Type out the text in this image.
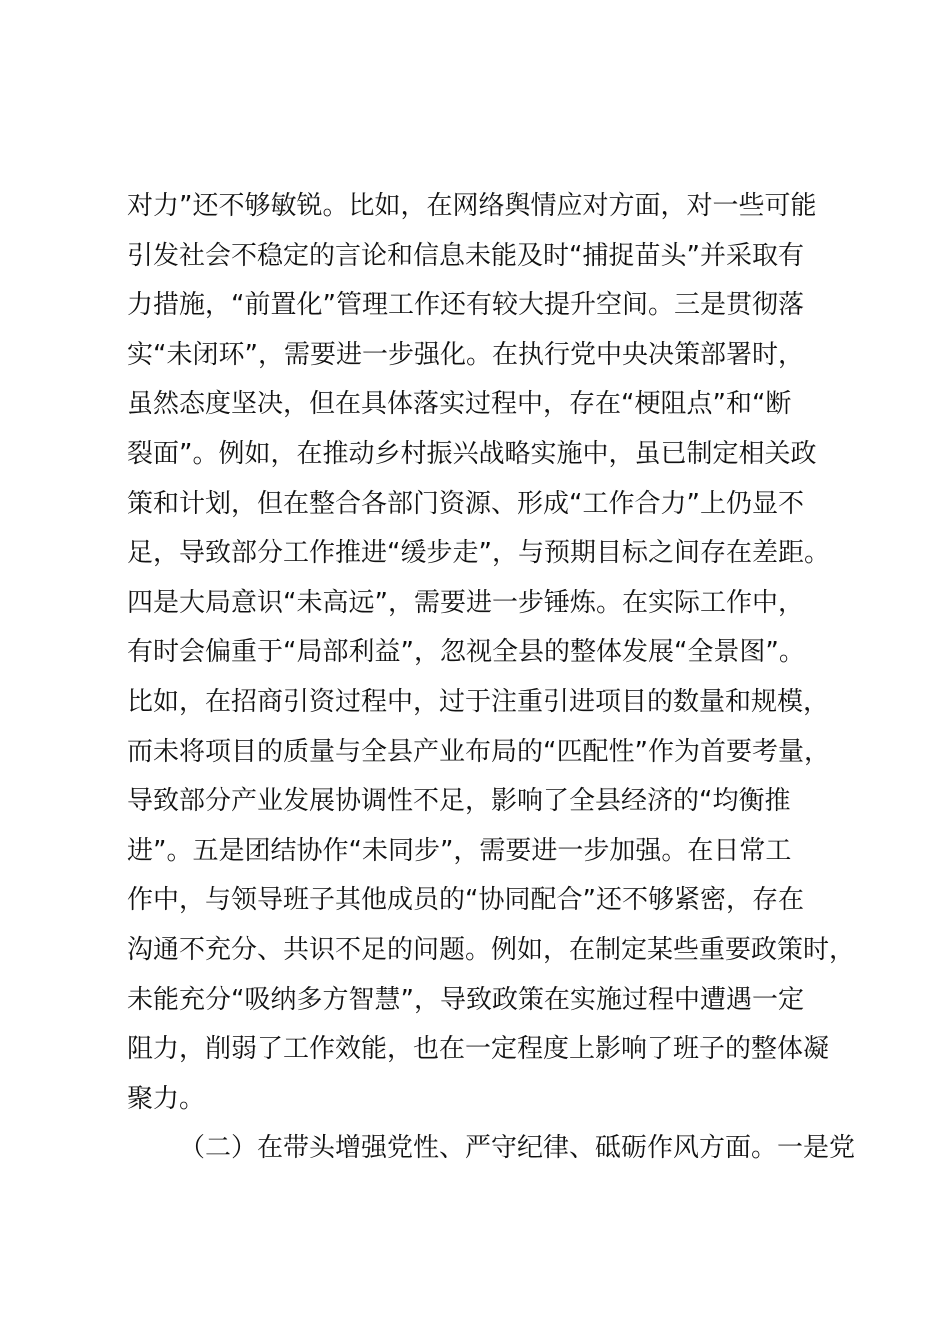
对力”还不够敏锐。比如，在网络舆情应对方面，对一些可能
引发社会不稳定的言论和信息未能及时“捕捉苗头”并采取有
力措施，“前置化”管理工作还有较大提升空间。三是贯彻落
实“未闭环”，需要进一步强化。在执行党中央决策部署时，
虽然态度坚决，但在具体落实过程中，存在“梗阻点”和“断
裂面”。例如，在推动乡村振兴战略实施中，虽已制定相关政
策和计划，但在整合各部门资源、形成“工作合力”上仍显不
足，导致部分工作推进“缓步走”，与预期目标之间存在差距。
四是大局意识“未高远”，需要进一步锤炼。在实际工作中，
有时会偏重于“局部利益”，忽视全县的整体发展“全景图”。
比如，在招商引资过程中，过于注重引进项目的数量和规模，
而未将项目的质量与全县产业布局的“匹配性”作为首要考量，
导致部分产业发展协调性不足，影响了全县经济的“均衡推
进”。五是团结协作“未同步”，需要进一步加强。在日常工
作中，与领导班子其他成员的“协同配合”还不够紧密，存在
沟通不充分、共识不足的问题。例如，在制定某些重要政策时，
未能充分“吸纳多方智慧”，导致政策在实施过程中遭遇一定
阻力，削弱了工作效能，也在一定程度上影响了班子的整体凝
聚力。
（二）在带头增强党性、严守纪律、砥砺作风方面。一是党
